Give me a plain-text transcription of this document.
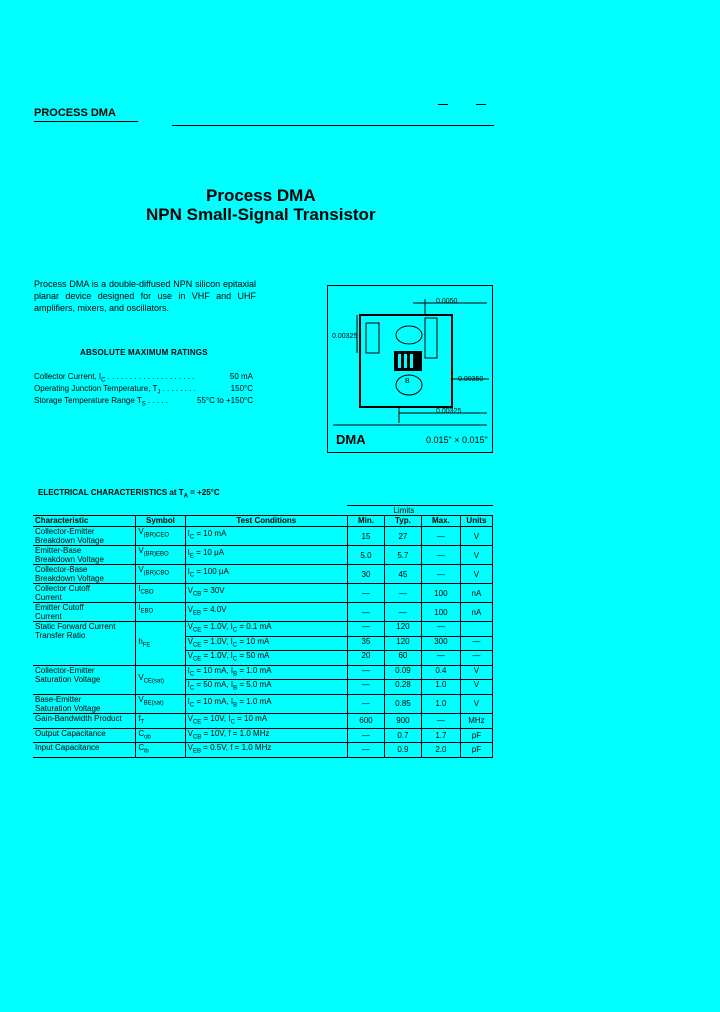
PROCESS DMA
Process DMA
NPN Small-Signal Transistor
Process DMA is a double-diffused NPN silicon epitaxial planar device designed for use in VHF and UHF amplifiers, mixers, and oscillators.
ABSOLUTE MAXIMUM RATINGS
Collector Current, $I_C$ . . . . . . . . . . . . . . . . . . . .	50 mA
Operating Junction Temperature, $T_J$ . . . . . . . .	150°C
Storage Temperature Range $T_S$ . . . . .	55°C to +150°C
0.0050
0.00325
0.00350
0.00325
B
DMA	0.015" × 0.015"
ELECTRICAL CHARACTERISTICS at $T_A = +25^\circ C$
			Limits			
Characteristic	Symbol	Test Conditions	Min.	Typ.	Max.	Units
Collector-Emitter
Breakdown Voltage	$V_{(BR)CEO}$	$I_C = 10$ mA	15	27	—	V
Emitter-Base
Breakdown Voltage	$V_{(BR)EBO}$	$I_E = 10$ μA	5.0	5.7	—	V
Collector-Base
Breakdown Voltage	$V_{(BR)CBO}$	$I_C = 100$ μA	30	45	—	V
Collector Cutoff
Current	$I_{CBO}$	$V_{CB} = 30V$	—	—	100	nA
Emitter Cutoff
Current	$I_{EBO}$	$V_{EB} = 4.0V$	—	—	100	nA
Static Forward Current
Transfer Ratio	$h_{FE}$	$V_{CE} = 1.0V$, $I_C = 0.1$ mA	—	120	—	
		$V_{CE} = 1.0V$, $I_C = 10$ mA	35	120	300	—
		$V_{CE} = 1.0V$, $I_C = 50$ mA	20	60	—	—
Collector-Emitter
Saturation Voltage	$V_{CE(sat)}$	$I_C = 10$ mA, $I_B = 1.0$ mA	—	0.09	0.4	V
		$I_C = 50$ mA, $I_B = 5.0$ mA	—	0.28	1.0	V
Base-Emitter
Saturation Voltage	$V_{BE(sat)}$	$I_C = 10$ mA, $I_B = 1.0$ mA	—	0.85	1.0	V
Gain-Bandwidth Product	$f_T$	$V_{CE} = 10V$, $I_C = 10$ mA	600	900	—	MHz
Output Capacitance	$C_{ob}$	$V_{CB} = 10V$, f = 1.0 MHz	—	0.7	1.7	pF
Input Capacitance	$C_{ib}$	$V_{EB} = 0.5V$, f = 1.0 MHz	—	0.9	2.0	pF
